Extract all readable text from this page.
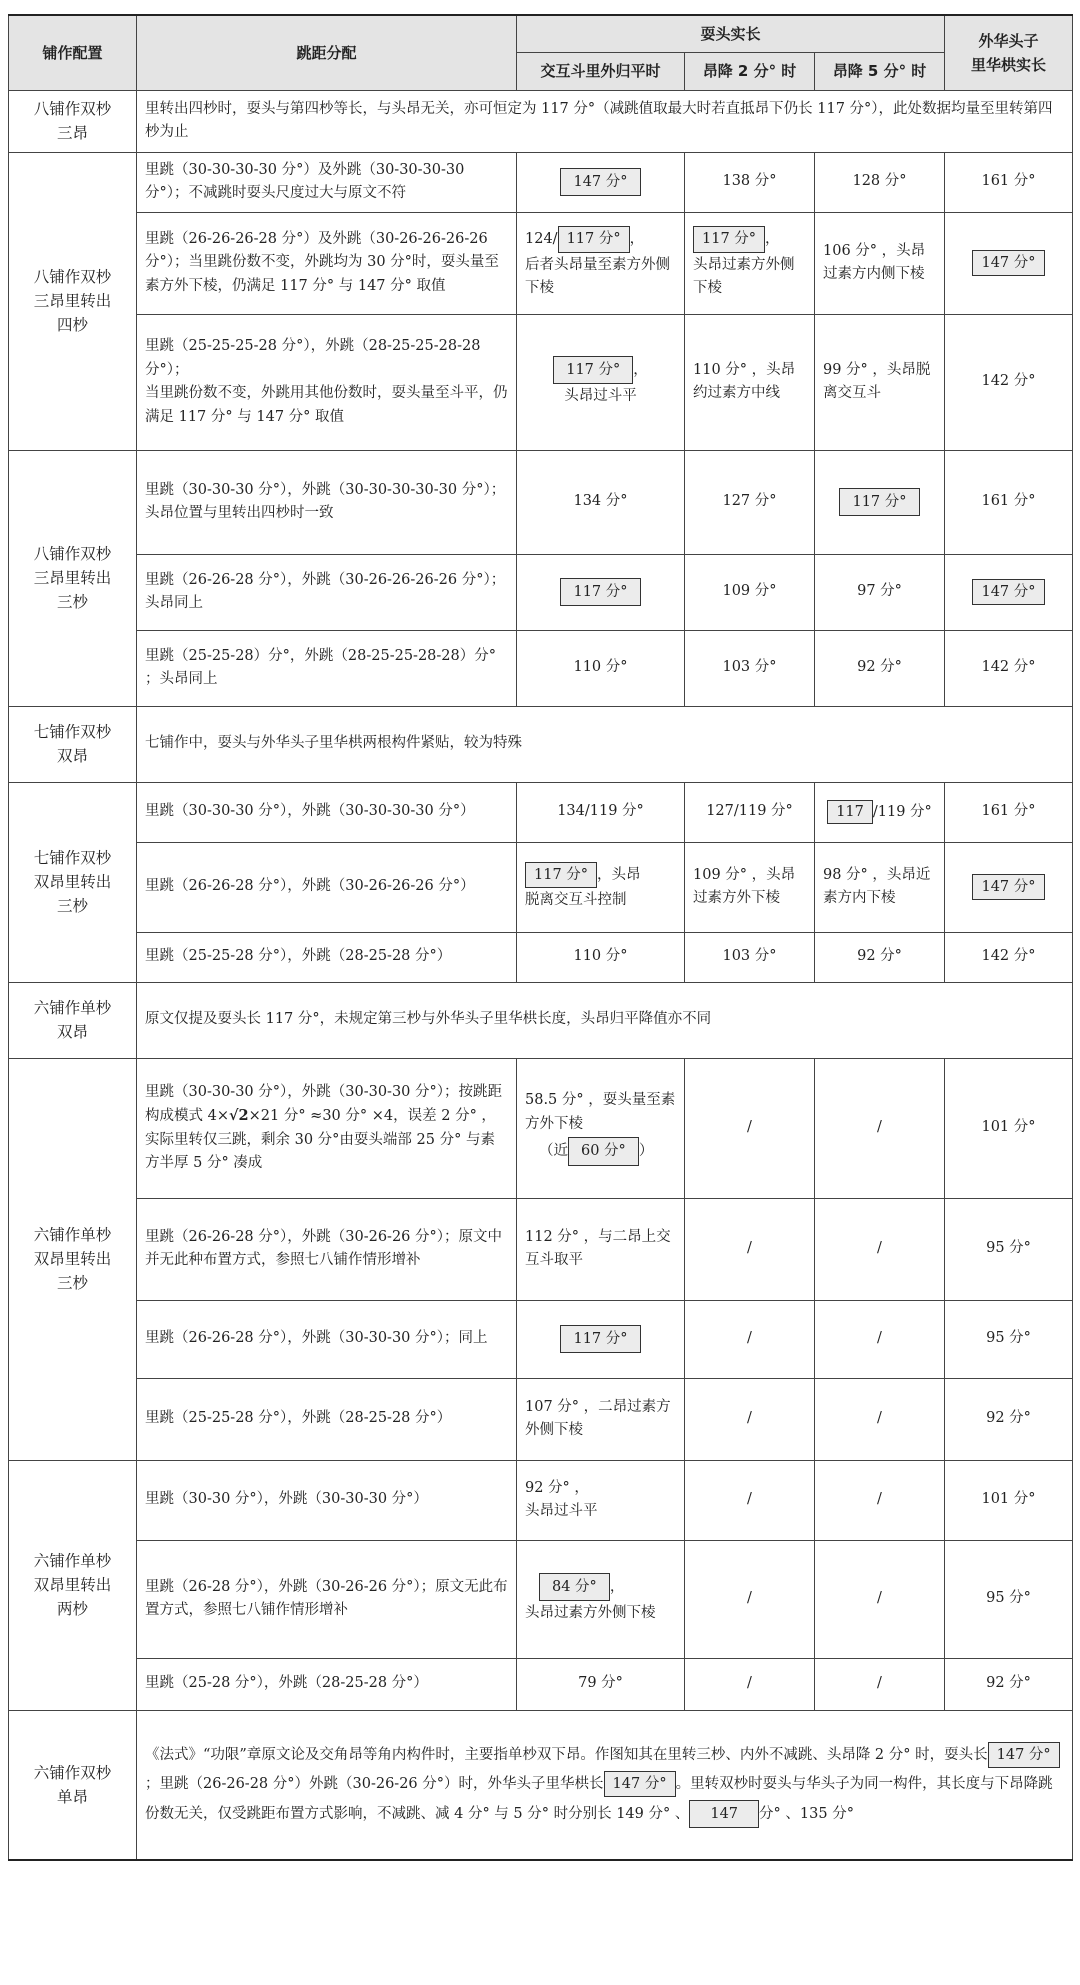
铺作配置	跳距分配	耍头实长			外华头子
里华栱实长
		交互斗里外归平时	昂降 2 分° 时	昂降 5 分° 时	
八铺作双杪
三昂	里转出四杪时，耍头与第四杪等长，与头昂无关，亦可恒定为 117 分°（减跳值取最大时若直抵昂下仍长 117 分°），此处数据均量至里转第四杪为止				
八铺作双杪
三昂里转出
四杪	里跳（30-30-30-30 分°）及外跳（30-30-30-30 分°）；不减跳时耍头尺度过大与原文不符	147 分°	138 分°	128 分°	161 分°
	里跳（26-26-26-28 分°）及外跳（30-26-26-26-26 分°）；当里跳份数不变，外跳均为 30 分°时，耍头量至素方外下棱，仍满足 117 分° 与 147 分° 取值	124/ 117 分° ，
后者头昂量至素方外侧下棱	117 分° ，
头昂过素方外侧下棱	106 分° ，头昂过素方内侧下棱	147 分°
	里跳（25-25-25-28 分°），外跳（28-25-25-28-28 分°）；
当里跳份数不变，外跳用其他份数时，耍头量至斗平，仍满足 117 分° 与 147 分° 取值	117 分° ，
头昂过斗平	110 分° ，头昂约过素方中线	99 分° ，头昂脱离交互斗	142 分°
八铺作双杪
三昂里转出
三杪	里跳（30-30-30 分°），外跳（30-30-30-30-30 分°）；
头昂位置与里转出四杪时一致	134 分°	127 分°	117 分°	161 分°
	里跳（26-26-28 分°），外跳（30-26-26-26-26 分°）；头昂同上	117 分°	109 分°	97 分°	147 分°
	里跳（25-25-28）分°，外跳（28-25-25-28-28）分° ；头昂同上	110 分°	103 分°	92 分°	142 分°
七铺作双杪
双昂	七铺作中，耍头与外华头子里华栱两根构件紧贴，较为特殊				
七铺作双杪
双昂里转出
三杪	里跳（30-30-30 分°），外跳（30-30-30-30 分°）	134/119 分°	127/119 分°	117 /119 分°	161 分°
	里跳（26-26-28 分°），外跳（30-26-26-26 分°）	117 分° ，头昂
脱离交互斗控制	109 分° ，头昂过素方外下棱	98 分° ，头昂近素方内下棱	147 分°
	里跳（25-25-28 分°），外跳（28-25-28 分°）	110 分°	103 分°	92 分°	142 分°
六铺作单杪
双昂	原文仅提及耍头长 117 分°，未规定第三杪与外华头子里华栱长度，头昂归平降值亦不同				
六铺作单杪
双昂里转出
三杪	里跳（30-30-30 分°），外跳（30-30-30 分°）；按跳距构成模式 4×√2×21 分° ≈30 分° ×4，误差 2 分° ，实际里转仅三跳，剩余 30 分°由耍头端部 25 分° 与素方半厚 5 分° 凑成	58.5 分° ，耍头量至素方外下棱
（近 60 分° ）	/	/	101 分°
	里跳（26-26-28 分°），外跳（30-26-26 分°）；原文中并无此种布置方式，参照七八铺作情形增补	112 分° ，与二昂上交互斗取平	/	/	95 分°
	里跳（26-26-28 分°），外跳（30-30-30 分°）；同上	117 分°	/	/	95 分°
	里跳（25-25-28 分°），外跳（28-25-28 分°）	107 分° ，二昂过素方外侧下棱	/	/	92 分°
六铺作单杪
双昂里转出
两杪	里跳（30-30 分°），外跳（30-30-30 分°）	92 分° ，
头昂过斗平	/	/	101 分°
	里跳（26-28 分°），外跳（30-26-26 分°）；原文无此布置方式，参照七八铺作情形增补	84 分° ，
头昂过素方外侧下棱	/	/	95 分°
	里跳（25-28 分°），外跳（28-25-28 分°）	79 分°	/	/	92 分°
六铺作双杪
单昂	《法式》“功限”章原文论及交角昂等角内构件时，主要指单杪双下昂。作图知其在里转三杪、内外不减跳、头昂降 2 分° 时，耍头长 147 分°；里跳（26-26-28 分°）外跳（30-26-26 分°）时，外华头子里华栱长 147 分° 。里转双杪时耍头与华头子为同一构件，其长度与下昂降跳份数无关，仅受跳距布置方式影响，不减跳、减 4 分° 与 5 分° 时分别长 149 分° 、 147 分° 、135 分°				
